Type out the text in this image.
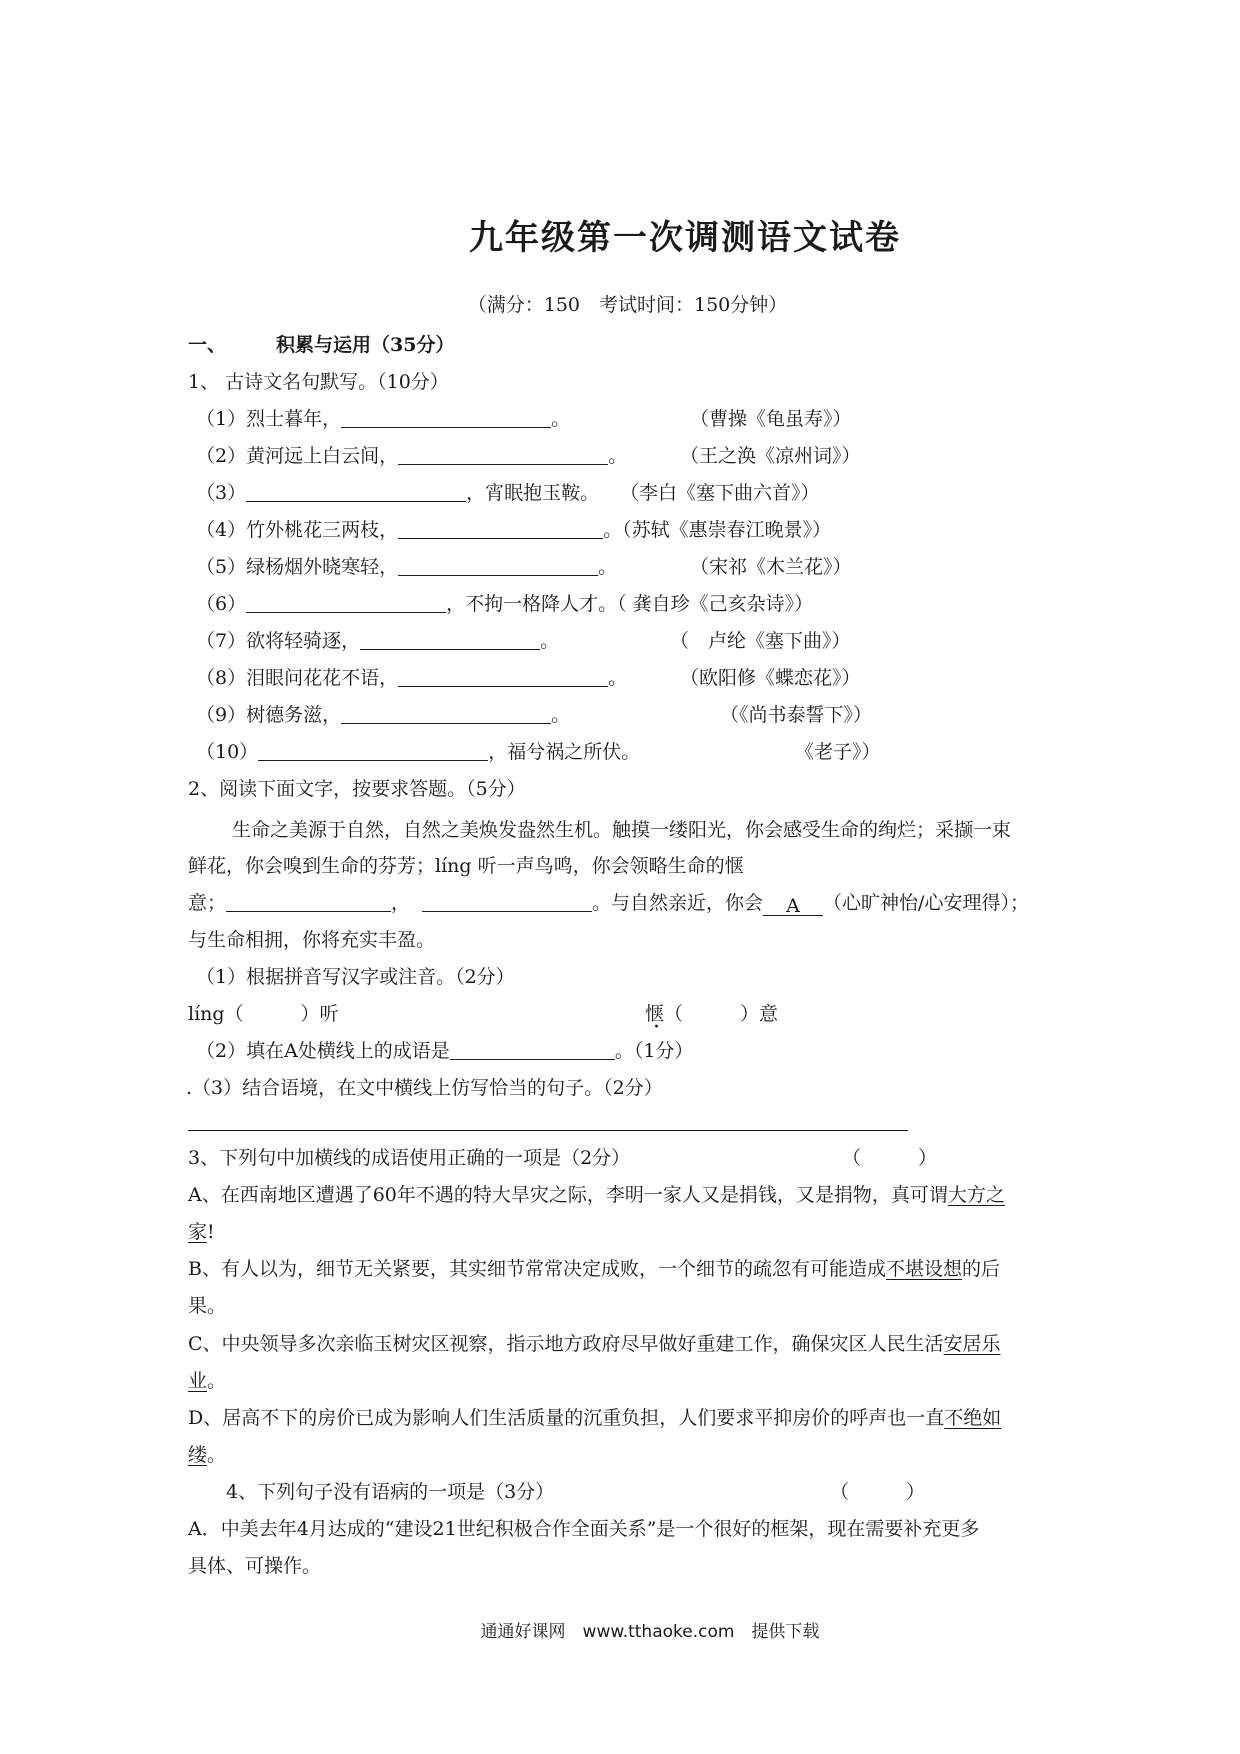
九年级第一次调测语文试卷
（满分：150　考试时间：150分钟）
一、	积累与运用（35分）
1、 古诗文名句默写。（10分）
（1）烈士暮年，	。	（曹操《龟虽寿》）
（2）黄河远上白云间，	。	（王之涣《凉州词》）
（3）	，宵眠抱玉鞍。 （李白《塞下曲六首》）
（4）竹外桃花三两枝，	。（苏轼《惠崇春江晚景》）
（5）绿杨烟外晓寒轻，	。	（宋祁《木兰花》）
（6）	，不拘一格降人才。（ 龚自珍《己亥杂诗》）
（7）欲将轻骑逐，	。	（　卢纶《塞下曲》）
（8）泪眼问花花不语，	。	（欧阳修《蝶恋花》）
（9）树德务滋，	。	（《尚书泰誓下》）
（10）	，福兮祸之所伏。	《老子》）
2、阅读下面文字，按要求答题。（5分）
生命之美源于自然，自然之美焕发盎然生机。触摸一缕阳光，你会感受生命的绚烂；采撷一束
鲜花，你会嗅到生命的芬芳；líng 听一声鸟鸣，你会领略生命的惬
意；	，	。与自然亲近，你会 A （心旷神怡/心安理得）；
与生命相拥，你将充实丰盈。
（1）根据拼音写汉字或注音。（2分）
líng（　　　）听	惬（　　　）意
（2）填在A处横线上的成语是	。（1分）
.（3）结合语境，在文中横线上仿写恰当的句子。（2分）
3、下列句中加横线的成语使用正确的一项是（2分）	（　　　）
A、在西南地区遭遇了60年不遇的特大旱灾之际，李明一家人又是捐钱，又是捐物，真可谓大方之
家!
B、有人以为，细节无关紧要，其实细节常常决定成败，一个细节的疏忽有可能造成不堪设想的后
果。
C、中央领导多次亲临玉树灾区视察，指示地方政府尽早做好重建工作，确保灾区人民生活安居乐
业。
D、居高不下的房价已成为影响人们生活质量的沉重负担，人们要求平抑房价的呼声也一直不绝如
缕。
4、下列句子没有语病的一项是（3分）	（　　　）
A．中美去年4月达成的“建设21世纪积极合作全面关系”是一个很好的框架，现在需要补充更多
具体、可操作。
通通好课网　www.tthaoke.com　提供下载
